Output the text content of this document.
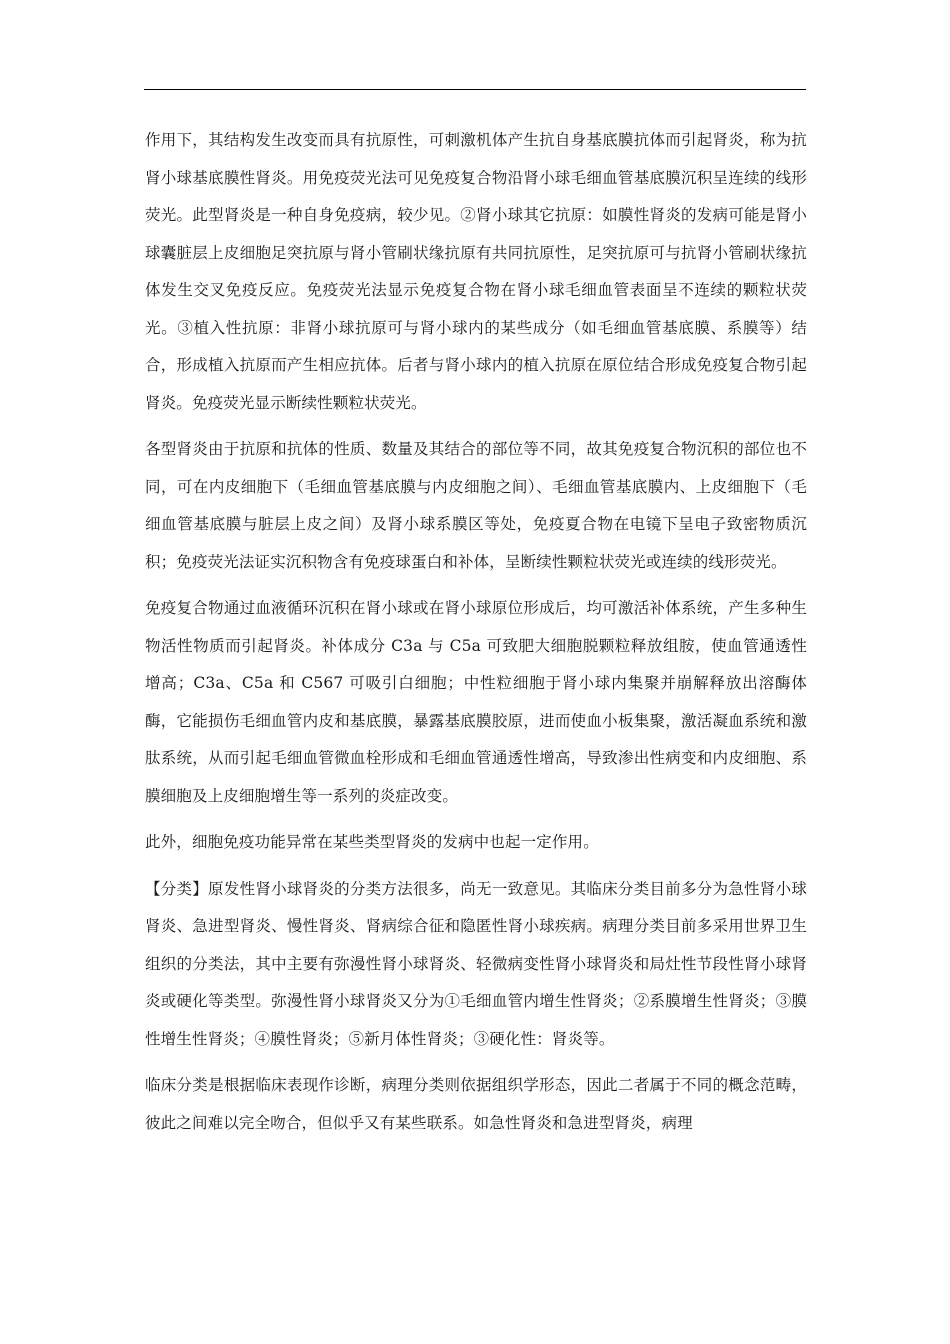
作用下，其结构发生改变而具有抗原性，可刺激机体产生抗自身基底膜抗体而引起肾炎，称为抗肾小球基底膜性肾炎。用免疫荧光法可见免疫复合物沿肾小球毛细血管基底膜沉积呈连续的线形荧光。此型肾炎是一种自身免疫病，较少见。②肾小球其它抗原：如膜性肾炎的发病可能是肾小球囊脏层上皮细胞足突抗原与肾小管刷状缘抗原有共同抗原性，足突抗原可与抗肾小管刷状缘抗体发生交叉免疫反应。免疫荧光法显示免疫复合物在肾小球毛细血管表面呈不连续的颗粒状荧光。③植入性抗原：非肾小球抗原可与肾小球内的某些成分（如毛细血管基底膜、系膜等）结合，形成植入抗原而产生相应抗体。后者与肾小球内的植入抗原在原位结合形成免疫复合物引起肾炎。免疫荧光显示断续性颗粒状荧光。

各型肾炎由于抗原和抗体的性质、数量及其结合的部位等不同，故其免疫复合物沉积的部位也不同，可在内皮细胞下（毛细血管基底膜与内皮细胞之间）、毛细血管基底膜内、上皮细胞下（毛细血管基底膜与脏层上皮之间）及肾小球系膜区等处，免疫夏合物在电镜下呈电子致密物质沉积；免疫荧光法证实沉积物含有免疫球蛋白和补体，呈断续性颗粒状荧光或连续的线形荧光。

免疫复合物通过血液循环沉积在肾小球或在肾小球原位形成后，均可激活补体系统，产生多种生物活性物质而引起肾炎。补体成分 C3a 与 C5a 可致肥大细胞脱颗粒释放组胺，使血管通透性增高；C3a、C5a 和 C567 可吸引白细胞；中性粒细胞于肾小球内集聚并崩解释放出溶酶体酶，它能损伤毛细血管内皮和基底膜，暴露基底膜胶原，进而使血小板集聚，激活凝血系统和激肽系统，从而引起毛细血管微血栓形成和毛细血管通透性增高，导致渗出性病变和内皮细胞、系膜细胞及上皮细胞增生等一系列的炎症改变。

此外，细胞免疫功能异常在某些类型肾炎的发病中也起一定作用。

【分类】原发性肾小球肾炎的分类方法很多，尚无一致意见。其临床分类目前多分为急性肾小球肾炎、急进型肾炎、慢性肾炎、肾病综合征和隐匿性肾小球疾病。病理分类目前多采用世界卫生组织的分类法，其中主要有弥漫性肾小球肾炎、轻微病变性肾小球肾炎和局灶性节段性肾小球肾炎或硬化等类型。弥漫性肾小球肾炎又分为①毛细血管内增生性肾炎；②系膜增生性肾炎；③膜性增生性肾炎；④膜性肾炎；⑤新月体性肾炎；③硬化性：肾炎等。

临床分类是根据临床表现作诊断，病理分类则依据组织学形态，因此二者属于不同的概念范畴，彼此之间难以完全吻合，但似乎又有某些联系。如急性肾炎和急进型肾炎，病理
